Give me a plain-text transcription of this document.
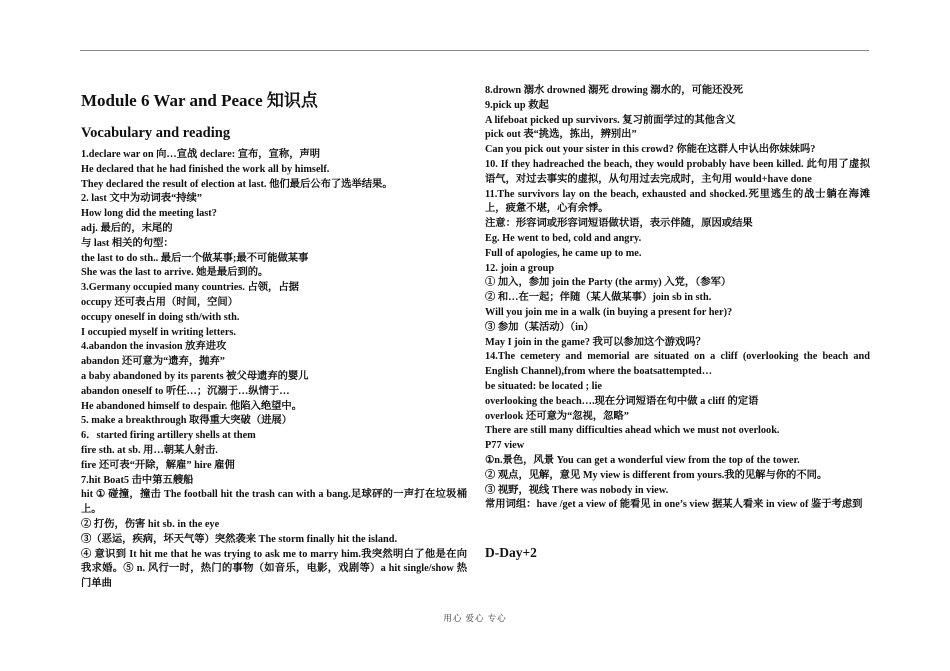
Module 6 War and Peace 知识点
Vocabulary and reading
1.declare war on 向…宣战 declare: 宣布，宣称，声明
He declared that he had finished the work all by himself.
They declared the result of election at last. 他们最后公布了选举结果。
2. last 文中为动词表“持续”
How long did the meeting last?
adj. 最后的，末尾的
与 last 相关的句型：
the last to do sth.. 最后一个做某事;最不可能做某事
She was the last to arrive. 她是最后到的。
3.Germany occupied many countries. 占领，占据
occupy 还可表占用（时间，空间）
occupy oneself in doing sth/with sth.
I occupied myself in writing letters.
4.abandon the invasion 放弃进攻
abandon 还可意为“遗弃，抛弃”
a baby abandoned by its parents 被父母遗弃的婴儿
abandon oneself to 听任…；沉溺于…纵情于…
He abandoned himself to despair. 他陷入绝望中。
5. make a breakthrough 取得重大突破（进展）
6．started firing artillery shells at them
fire sth. at sb. 用…朝某人射击.
fire 还可表“开除，解雇” hire 雇佣
7.hit Boat5 击中第五艘船
hit ① 碰撞，撞击 The football hit the trash can with a bang.足球砰的一声打在垃圾桶上。
② 打伤，伤害 hit sb. in the eye
③（恶运，疾病，坏天气等）突然袭来 The storm finally hit the island.
④ 意识到 It hit me that he was trying to ask me to marry him.我突然明白了他是在向我求婚。⑤ n. 风行一时，热门的事物（如音乐，电影，戏剧等）a hit single/show 热门单曲
8.drown 溺水 drowned 溺死 drowing 溺水的，可能还没死
9.pick up 救起
A lifeboat picked up survivors. 复习前面学过的其他含义
pick out 表“挑选，拣出，辨别出”
Can you pick out your sister in this crowd? 你能在这群人中认出你妹妹吗?
10. If they hadreached the beach, they would probably have been killed. 此句用了虚拟语气，对过去事实的虚拟，从句用过去完成时，主句用 would+have done
11.The survivors lay on the beach, exhausted and shocked.死里逃生的战士躺在海滩上，疲惫不堪，心有余悸。
注意：形容词或形容词短语做状语，表示伴随，原因或结果
Eg. He went to bed, cold and angry.
Full of apologies, he came up to me.
12. join a group
① 加入，参加 join the Party (the army) 入党，（参军）
② 和…在一起；伴随（某人做某事）join sb in sth.
Will you join me in a walk (in buying a present for her)?
③ 参加（某活动）（in）
May I join in the game? 我可以参加这个游戏吗？
14.The cemetery and memorial are situated on a cliff (overlooking the beach and English Channel),from where the boatsattempted…
be situated: be located ; lie
overlooking the beach….现在分词短语在句中做 a cliff 的定语
overlook 还可意为“忽视，忽略”
There are still many difficulties ahead which we must not overlook.
P77 view
①n.景色，风景 You can get a wonderful view from the top of the tower.
② 观点，见解，意见 My view is different from yours.我的见解与你的不同。
③ 视野，视线 There was nobody in view.
常用词组：have /get a view of 能看见 in one’s view 据某人看来 in view of 鉴于考虑到
D-Day+2
用心 爱心 专心
